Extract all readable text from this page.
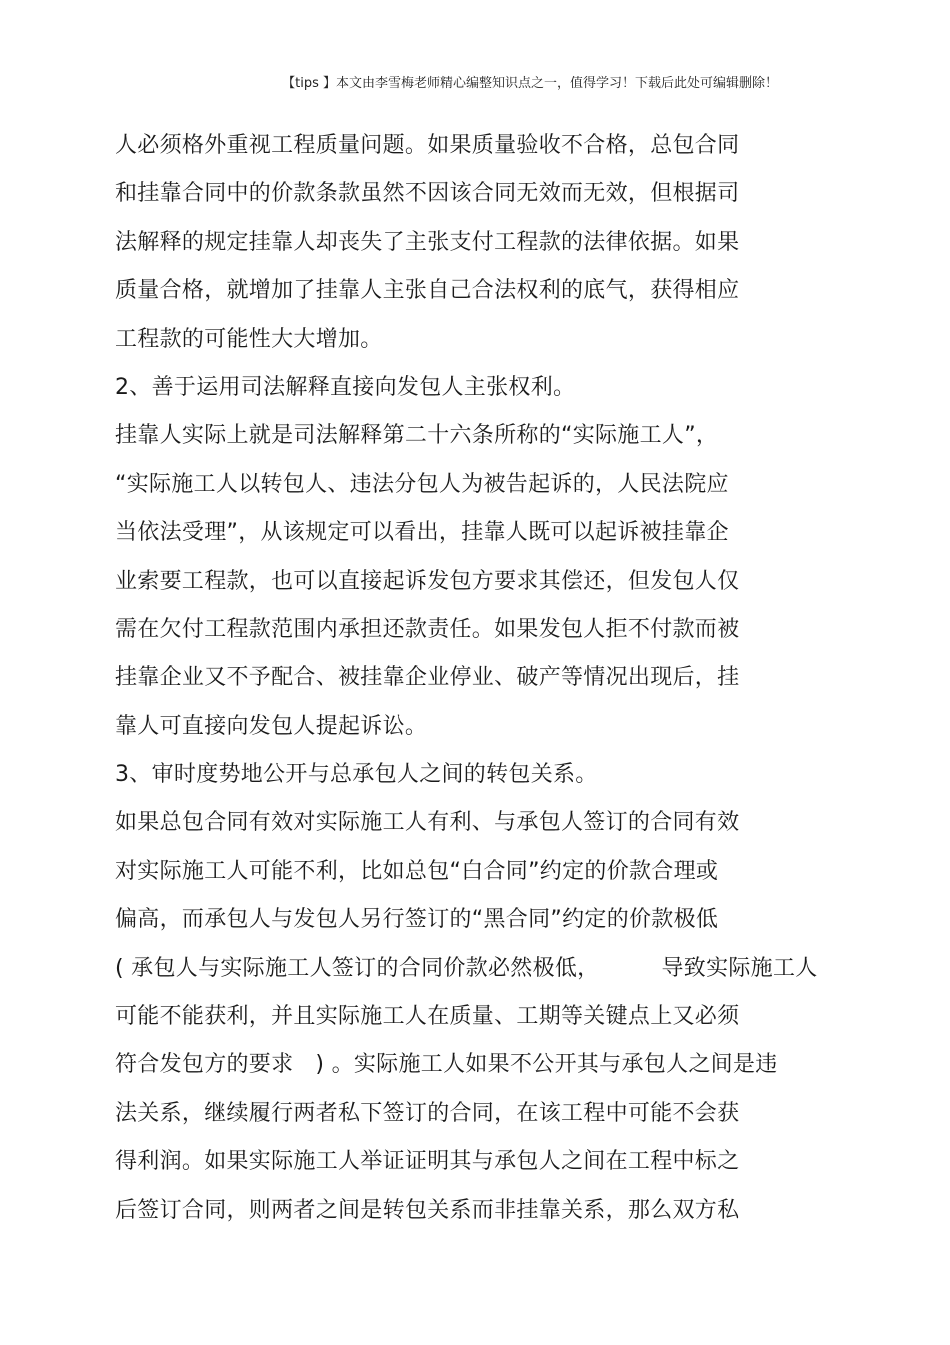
【tips 】本文由李雪梅老师精心编整知识点之一，值得学习！下载后此处可编辑删除！
人必须格外重视工程质量问题。如果质量验收不合格，总包合同
和挂靠合同中的价款条款虽然不因该合同无效而无效，但根据司
法解释的规定挂靠人却丧失了主张支付工程款的法律依据。如果
质量合格，就增加了挂靠人主张自己合法权利的底气，获得相应
工程款的可能性大大增加。
2、善于运用司法解释直接向发包人主张权利。
挂靠人实际上就是司法解释第二十六条所称的“实际施工人”，
“实际施工人以转包人、违法分包人为被告起诉的，人民法院应
当依法受理”，从该规定可以看出，挂靠人既可以起诉被挂靠企
业索要工程款，也可以直接起诉发包方要求其偿还，但发包人仅
需在欠付工程款范围内承担还款责任。如果发包人拒不付款而被
挂靠企业又不予配合、被挂靠企业停业、破产等情况出现后，挂
靠人可直接向发包人提起诉讼。
3、审时度势地公开与总承包人之间的转包关系。
如果总包合同有效对实际施工人有利、与承包人签订的合同有效
对实际施工人可能不利，比如总包“白合同”约定的价款合理或
偏高，而承包人与发包人另行签订的“黑合同”约定的价款极低
( 承包人与实际施工人签订的合同价款必然极低，	导致实际施工人
可能不能获利，并且实际施工人在质量、工期等关键点上又必须
符合发包方的要求 ) 。实际施工人如果不公开其与承包人之间是违
法关系，继续履行两者私下签订的合同，在该工程中可能不会获
得利润。如果实际施工人举证证明其与承包人之间在工程中标之
后签订合同，则两者之间是转包关系而非挂靠关系，那么双方私
